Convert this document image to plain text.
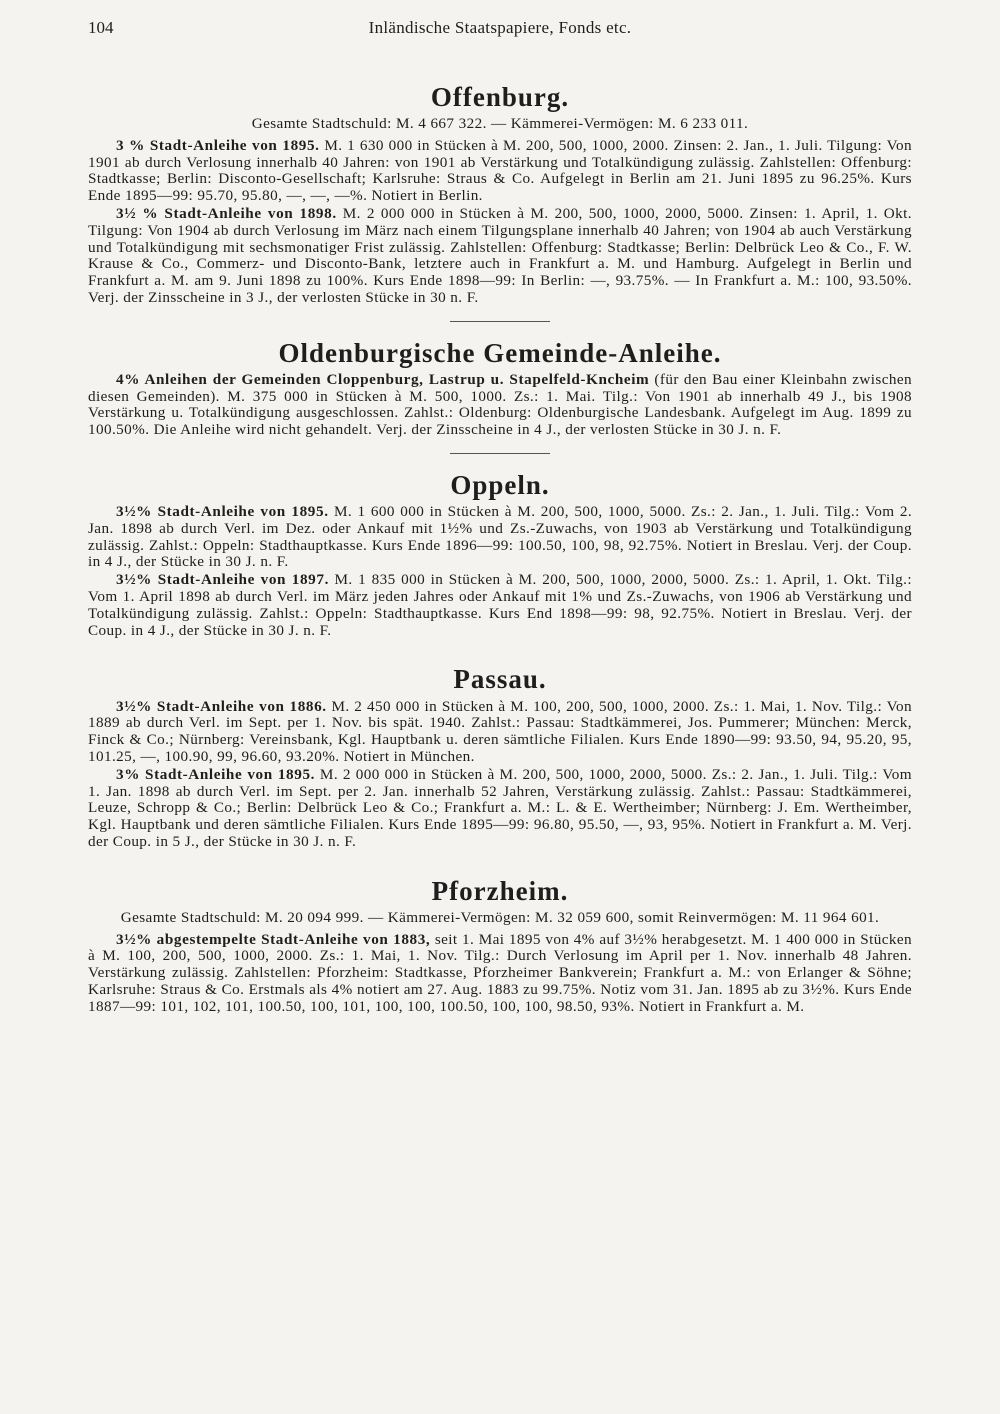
104	Inländische Staatspapiere, Fonds etc.
Offenburg.

Gesamte Stadtschuld: M. 4 667 322. — Kämmerei-Vermögen: M. 6 233 011.

3 % Stadt-Anleihe von 1895. M. 1 630 000 in Stücken à M. 200, 500, 1000, 2000. Zinsen: 2. Jan., 1. Juli. Tilgung: Von 1901 ab durch Verlosung innerhalb 40 Jahren: von 1901 ab Verstärkung und Totalkündigung zulässig. Zahlstellen: Offenburg: Stadtkasse; Berlin: Disconto-Gesellschaft; Karlsruhe: Straus & Co. Aufgelegt in Berlin am 21. Juni 1895 zu 96.25%. Kurs Ende 1895—99: 95.70, 95.80, —, —, —%. Notiert in Berlin.

3½ % Stadt-Anleihe von 1898. M. 2 000 000 in Stücken à M. 200, 500, 1000, 2000, 5000. Zinsen: 1. April, 1. Okt. Tilgung: Von 1904 ab durch Verlosung im März nach einem Tilgungsplane innerhalb 40 Jahren; von 1904 ab auch Verstärkung und Totalkündigung mit sechsmonatiger Frist zulässig. Zahlstellen: Offenburg: Stadtkasse; Berlin: Delbrück Leo & Co., F. W. Krause & Co., Commerz- und Disconto-Bank, letztere auch in Frankfurt a. M. und Hamburg. Aufgelegt in Berlin und Frankfurt a. M. am 9. Juni 1898 zu 100%. Kurs Ende 1898—99: In Berlin: —, 93.75%. — In Frankfurt a. M.: 100, 93.50%. Verj. der Zinsscheine in 3 J., der verlosten Stücke in 30 n. F.

Oldenburgische Gemeinde-Anleihe.

4% Anleihen der Gemeinden Cloppenburg, Lastrup u. Stapelfeld-Kncheim (für den Bau einer Kleinbahn zwischen diesen Gemeinden). M. 375 000 in Stücken à M. 500, 1000. Zs.: 1. Mai. Tilg.: Von 1901 ab innerhalb 49 J., bis 1908 Verstärkung u. Totalkündigung ausgeschlossen. Zahlst.: Oldenburg: Oldenburgische Landesbank. Aufgelegt im Aug. 1899 zu 100.50%. Die Anleihe wird nicht gehandelt. Verj. der Zinsscheine in 4 J., der verlosten Stücke in 30 J. n. F.

Oppeln.

3½% Stadt-Anleihe von 1895. M. 1 600 000 in Stücken à M. 200, 500, 1000, 5000. Zs.: 2. Jan., 1. Juli. Tilg.: Vom 2. Jan. 1898 ab durch Verl. im Dez. oder Ankauf mit 1½% und Zs.-Zuwachs, von 1903 ab Verstärkung und Totalkündigung zulässig. Zahlst.: Oppeln: Stadthauptkasse. Kurs Ende 1896—99: 100.50, 100, 98, 92.75%. Notiert in Breslau. Verj. der Coup. in 4 J., der Stücke in 30 J. n. F.

3½% Stadt-Anleihe von 1897. M. 1 835 000 in Stücken à M. 200, 500, 1000, 2000, 5000. Zs.: 1. April, 1. Okt. Tilg.: Vom 1. April 1898 ab durch Verl. im März jeden Jahres oder Ankauf mit 1% und Zs.-Zuwachs, von 1906 ab Verstärkung und Totalkündigung zulässig. Zahlst.: Oppeln: Stadthauptkasse. Kurs End 1898—99: 98, 92.75%. Notiert in Breslau. Verj. der Coup. in 4 J., der Stücke in 30 J. n. F.

Passau.

3½% Stadt-Anleihe von 1886. M. 2 450 000 in Stücken à M. 100, 200, 500, 1000, 2000. Zs.: 1. Mai, 1. Nov. Tilg.: Von 1889 ab durch Verl. im Sept. per 1. Nov. bis spät. 1940. Zahlst.: Passau: Stadtkämmerei, Jos. Pummerer; München: Merck, Finck & Co.; Nürnberg: Vereinsbank, Kgl. Hauptbank u. deren sämtliche Filialen. Kurs Ende 1890—99: 93.50, 94, 95.20, 95, 101.25, —, 100.90, 99, 96.60, 93.20%. Notiert in München.

3% Stadt-Anleihe von 1895. M. 2 000 000 in Stücken à M. 200, 500, 1000, 2000, 5000. Zs.: 2. Jan., 1. Juli. Tilg.: Vom 1. Jan. 1898 ab durch Verl. im Sept. per 2. Jan. innerhalb 52 Jahren, Verstärkung zulässig. Zahlst.: Passau: Stadtkämmerei, Leuze, Schropp & Co.; Berlin: Delbrück Leo & Co.; Frankfurt a. M.: L. & E. Wertheimber; Nürnberg: J. Em. Wertheimber, Kgl. Hauptbank und deren sämtliche Filialen. Kurs Ende 1895—99: 96.80, 95.50, —, 93, 95%. Notiert in Frankfurt a. M. Verj. der Coup. in 5 J., der Stücke in 30 J. n. F.

Pforzheim.

Gesamte Stadtschuld: M. 20 094 999. — Kämmerei-Vermögen: M. 32 059 600, somit Reinvermögen: M. 11 964 601.

3½% abgestempelte Stadt-Anleihe von 1883, seit 1. Mai 1895 von 4% auf 3½% herabgesetzt. M. 1 400 000 in Stücken à M. 100, 200, 500, 1000, 2000. Zs.: 1. Mai, 1. Nov. Tilg.: Durch Verlosung im April per 1. Nov. innerhalb 48 Jahren. Verstärkung zulässig. Zahlstellen: Pforzheim: Stadtkasse, Pforzheimer Bankverein; Frankfurt a. M.: von Erlanger & Söhne; Karlsruhe: Straus & Co. Erstmals als 4% notiert am 27. Aug. 1883 zu 99.75%. Notiz vom 31. Jan. 1895 ab zu 3½%. Kurs Ende 1887—99: 101, 102, 101, 100.50, 100, 101, 100, 100, 100.50, 100, 100, 98.50, 93%. Notiert in Frankfurt a. M.
